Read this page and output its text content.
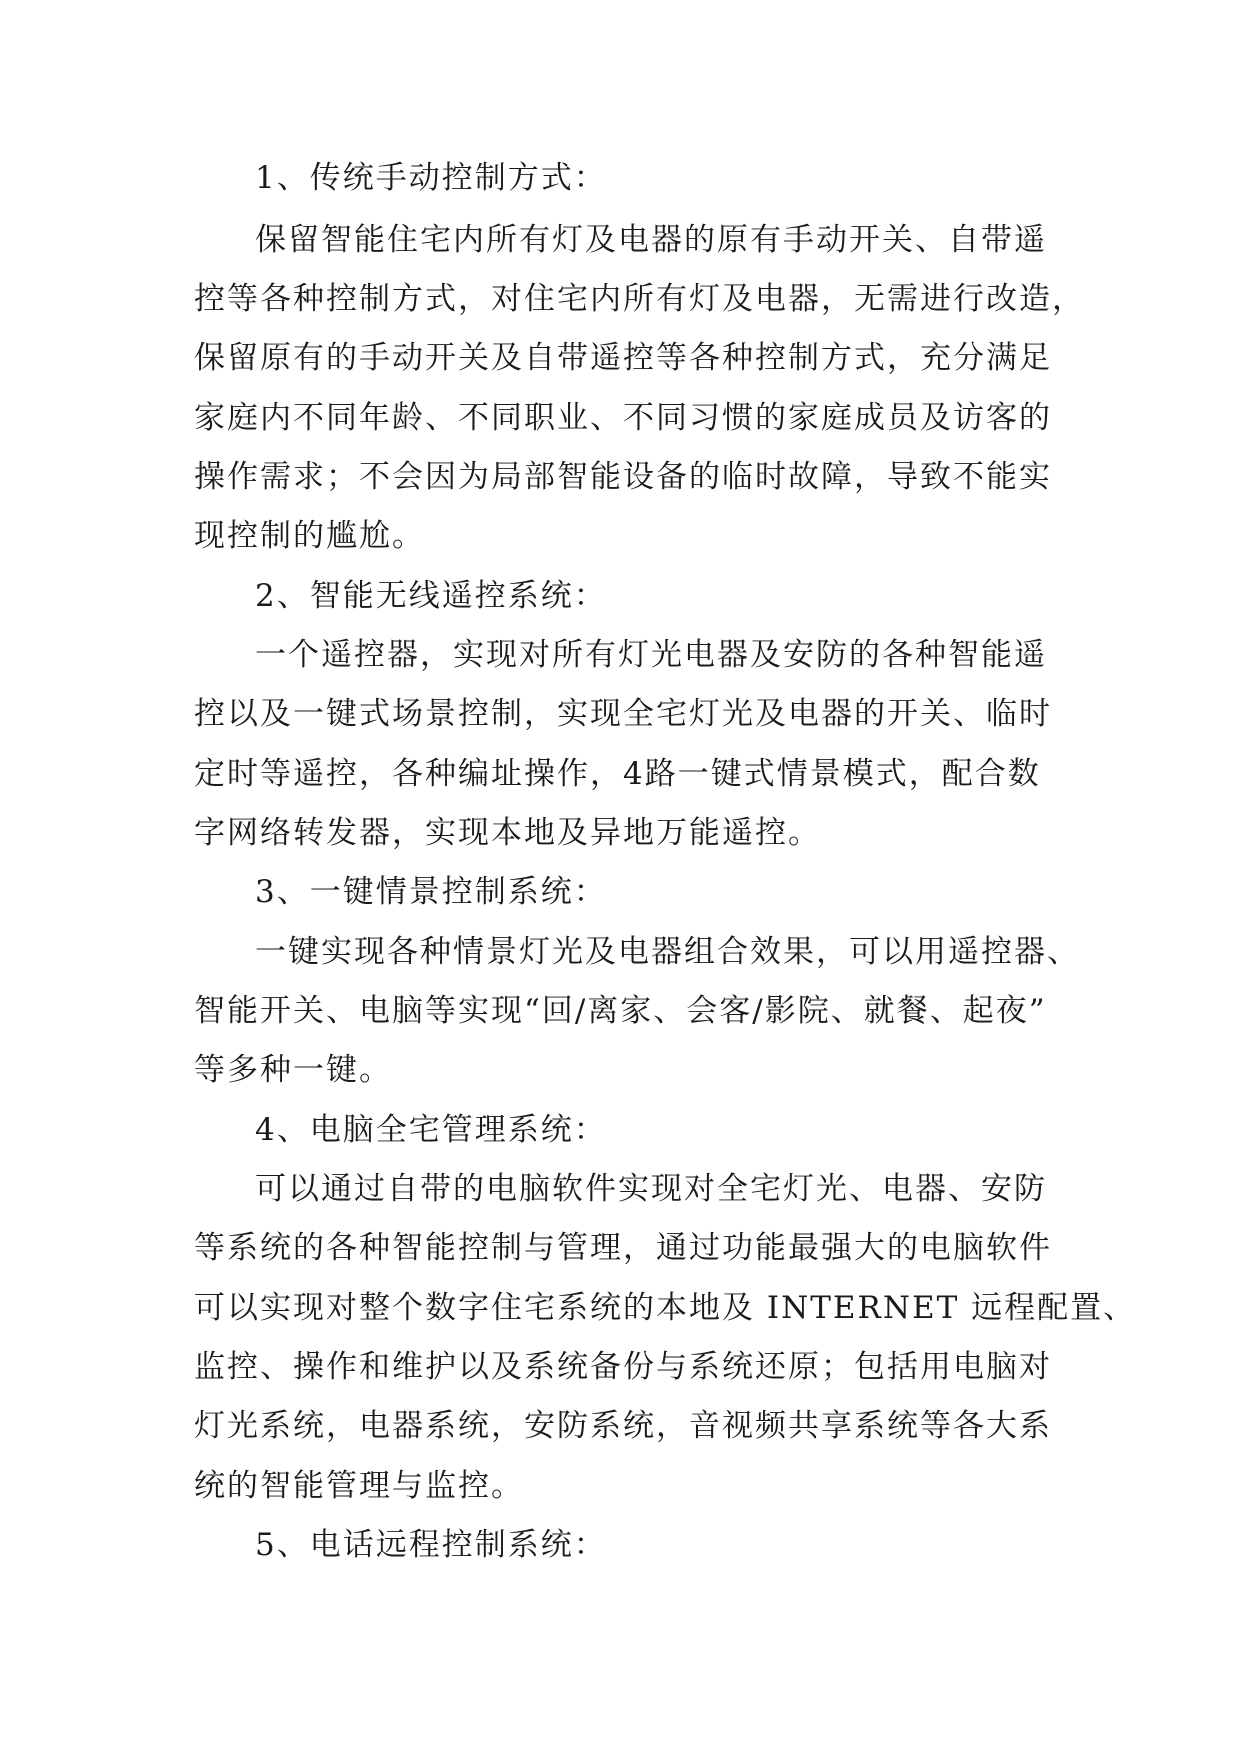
1、传统手动控制方式：
保留智能住宅内所有灯及电器的原有手动开关、自带遥
控等各种控制方式，对住宅内所有灯及电器，无需进行改造，
保留原有的手动开关及自带遥控等各种控制方式，充分满足
家庭内不同年龄、不同职业、不同习惯的家庭成员及访客的
操作需求；不会因为局部智能设备的临时故障，导致不能实
现控制的尴尬。
2、智能无线遥控系统：
一个遥控器，实现对所有灯光电器及安防的各种智能遥
控以及一键式场景控制，实现全宅灯光及电器的开关、临时
定时等遥控，各种编址操作，4路一键式情景模式，配合数
字网络转发器，实现本地及异地万能遥控。
3、一键情景控制系统：
一键实现各种情景灯光及电器组合效果，可以用遥控器、
智能开关、电脑等实现“回/离家、会客/影院、就餐、起夜”
等多种一键。
4、电脑全宅管理系统：
可以通过自带的电脑软件实现对全宅灯光、电器、安防
等系统的各种智能控制与管理，通过功能最强大的电脑软件
可以实现对整个数字住宅系统的本地及 INTERNET 远程配置、
监控、操作和维护以及系统备份与系统还原；包括用电脑对
灯光系统，电器系统，安防系统，音视频共享系统等各大系
统的智能管理与监控。
5、电话远程控制系统：
